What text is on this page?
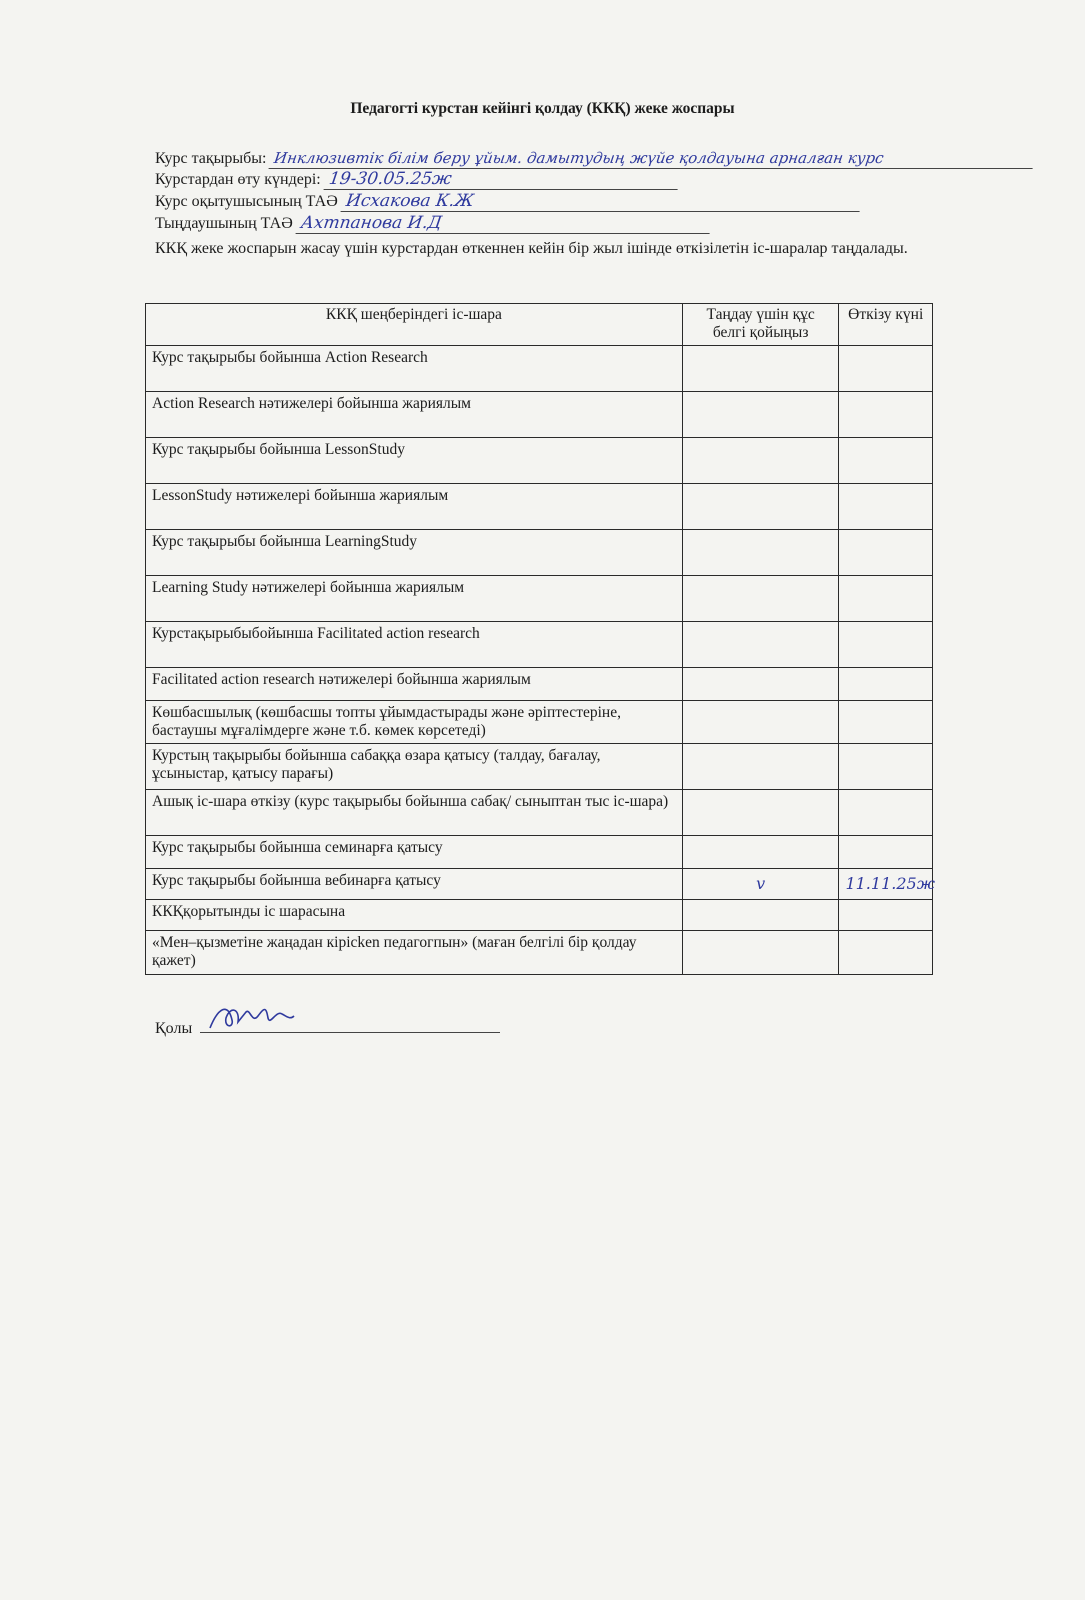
Педагогті курстан кейінгі қолдау (ККҚ) жеке жоспары
Курс тақырыбы: Инклюзивтік білім беру ұйым. дамытудың жүйе қолдауына арналған курс
Курстардан өту күндері: 19-30.05.25ж
Курс оқытушысының ТАӘ Исхакова К.Ж
Тыңдаушының ТАӘ Ахтпанова И.Д
ККҚ жеке жоспарын жасау үшін курстардан өткеннен кейін бір жыл ішінде өткізілетін іс-шаралар таңдалады.
ККҚ шеңберіндегі іс-шара	Таңдау үшін құс белгі қойыңыз	Өткізу күні
Курс тақырыбы бойынша Action Research		
Action Research нәтижелері бойынша жариялым		
Курс тақырыбы бойынша LessonStudy		
LessonStudy нәтижелері бойынша жариялым		
Курс тақырыбы бойынша LearningStudy		
Learning Study нәтижелері бойынша жариялым		
Курстақырыбыбойынша Facilitated action research		
Facilitated action research нәтижелері бойынша жариялым		
Көшбасшылық (көшбасшы топты ұйымдастырады және әріптестеріне, бастаушы мұғалімдерге және т.б. көмек көрсетеді)		
Курстың тақырыбы бойынша сабаққа өзара қатысу (талдау, бағалау, ұсыныстар, қатысу парағы)		
Ашық іс-шара өткізу (курс тақырыбы бойынша сабақ/ сыныптан тыс іс-шара)		
Курс тақырыбы бойынша семинарға қатысу		
Курс тақырыбы бойынша вебинарға қатысу	v	11.11.25ж
ККҚқорытынды іс шарасына		
«Мен–қызметіне жаңадан кірісken педагогпын» (маған белгілі бір қолдау қажет)		
Қолы
